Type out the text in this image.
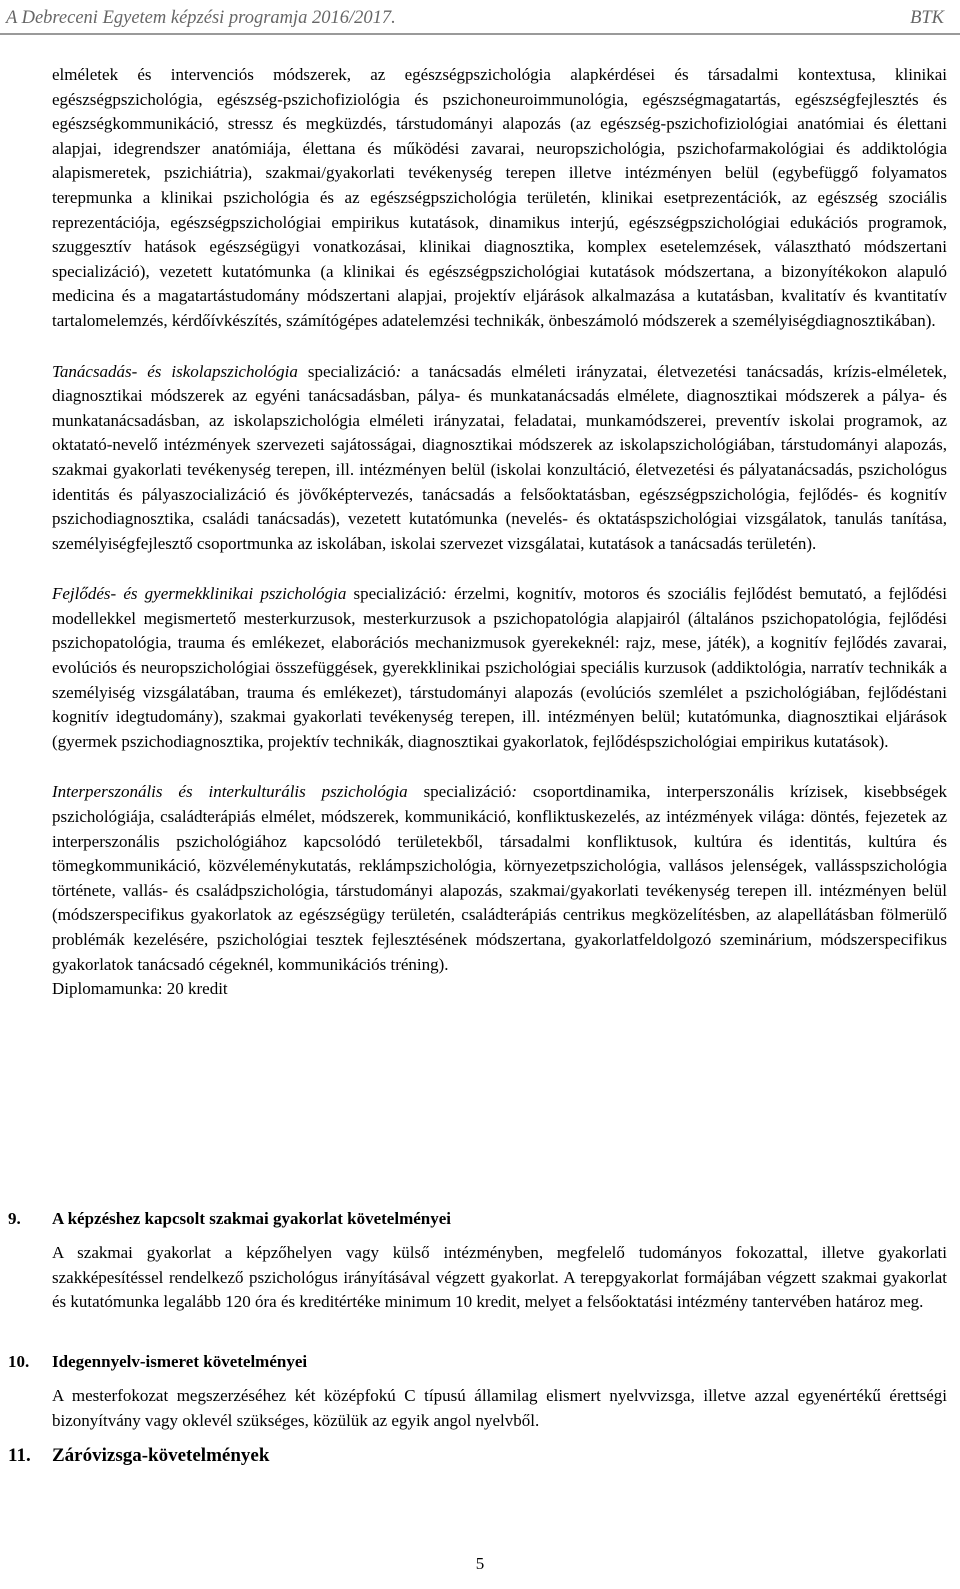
A Debreceni Egyetem képzési programja 2016/2017.	BTK

elméletek és intervenciós módszerek, az egészségpszichológia alapkérdései és társadalmi kontextusa, klinikai egészségpszichológia, egészség-pszichofiziológia és pszichoneuroimmunológia, egészségmagatartás, egészségfejlesztés és egészségkommunikáció, stressz és megküzdés, társtudományi alapozás (az egészség-pszichofiziológiai anatómiai és élettani alapjai, idegrendszer anatómiája, élettana és működési zavarai, neuropszichológia, pszichofarmakológiai és addiktológia alapismeretek, pszichiátria), szakmai/gyakorlati tevékenység terepen illetve intézményen belül (egybefüggő folyamatos terepmunka a klinikai pszichológia és az egészségpszichológia területén, klinikai esetprezentációk, az egészség szociális reprezentációja, egészségpszichológiai empirikus kutatások, dinamikus interjú, egészségpszichológiai edukációs programok, szuggesztív hatások egészségügyi vonatkozásai, klinikai diagnosztika, komplex esetelemzések, választható módszertani specializáció), vezetett kutatómunka (a klinikai és egészségpszichológiai kutatások módszertana, a bizonyítékokon alapuló medicina és a magatartástudomány módszertani alapjai, projektív eljárások alkalmazása a kutatásban, kvalitatív és kvantitatív tartalomelemzés, kérdőívkészítés, számítógépes adatelemzési technikák, önbeszámoló módszerek a személyiségdiagnosztikában).

Tanácsadás- és iskolapszichológia specializáció: a tanácsadás elméleti irányzatai, életvezetési tanácsadás, krízis-elméletek, diagnosztikai módszerek az egyéni tanácsadásban, pálya- és munkatanácsadás elmélete, diagnosztikai módszerek a pálya- és munkatanácsadásban, az iskolapszichológia elméleti irányzatai, feladatai, munkamódszerei, preventív iskolai programok, az oktatató-nevelő intézmények szervezeti sajátosságai, diagnosztikai módszerek az iskolapszichológiában, társtudományi alapozás, szakmai gyakorlati tevékenység terepen, ill. intézményen belül (iskolai konzultáció, életvezetési és pályatanácsadás, pszichológus identitás és pályaszocializáció és jövőképtervezés, tanácsadás a felsőoktatásban, egészségpszichológia, fejlődés- és kognitív pszichodiagnosztika, családi tanácsadás), vezetett kutatómunka (nevelés- és oktatáspszichológiai vizsgálatok, tanulás tanítása, személyiségfejlesztő csoportmunka az iskolában, iskolai szervezet vizsgálatai, kutatások a tanácsadás területén).

Fejlődés- és gyermekklinikai pszichológia specializáció: érzelmi, kognitív, motoros és szociális fejlődést bemutató, a fejlődési modellekkel megismertető mesterkurzusok, mesterkurzusok a pszichopatológia alapjairól (általános pszichopatológia, fejlődési pszichopatológia, trauma és emlékezet, elaborációs mechanizmusok gyerekeknél: rajz, mese, játék), a kognitív fejlődés zavarai, evolúciós és neuropszichológiai összefüggések, gyerekklinikai pszichológiai speciális kurzusok (addiktológia, narratív technikák a személyiség vizsgálatában, trauma és emlékezet), társtudományi alapozás (evolúciós szemlélet a pszichológiában, fejlődéstani kognitív idegtudomány), szakmai gyakorlati tevékenység terepen, ill. intézményen belül; kutatómunka, diagnosztikai eljárások (gyermek pszichodiagnosztika, projektív technikák, diagnosztikai gyakorlatok, fejlődéspszichológiai empirikus kutatások).

Interperszonális és interkulturális pszichológia specializáció: csoportdinamika, interperszonális krízisek, kisebbségek pszichológiája, családterápiás elmélet, módszerek, kommunikáció, konfliktuskezelés, az intézmények világa: döntés, fejezetek az interperszonális pszichológiához kapcsolódó területekből, társadalmi konfliktusok, kultúra és identitás, kultúra és tömegkommunikáció, közvéleménykutatás, reklámpszichológia, környezetpszichológia, vallásos jelenségek, vallásspszichológia története, vallás- és családpszichológia, társtudományi alapozás, szakmai/gyakorlati tevékenység terepen ill. intézményen belül (módszerspecifikus gyakorlatok az egészségügy területén, családterápiás centrikus megközelítésben, az alapellátásban fölmerülő problémák kezelésére, pszichológiai tesztek fejlesztésének módszertana, gyakorlatfeldolgozó szeminárium, módszerspecifikus gyakorlatok tanácsadó cégeknél, kommunikációs tréning).

Diplomamunka: 20 kredit

9. A képzéshez kapcsolt szakmai gyakorlat követelményei

A szakmai gyakorlat a képzőhelyen vagy külső intézményben, megfelelő tudományos fokozattal, illetve gyakorlati szakképesítéssel rendelkező pszichológus irányításával végzett gyakorlat. A terepgyakorlat formájában végzett szakmai gyakorlat és kutatómunka legalább 120 óra és kreditértéke minimum 10 kredit, melyet a felsőoktatási intézmény tantervében határoz meg.

10. Idegennyelv-ismeret követelményei

A mesterfokozat megszerzéséhez két középfokú C típusú államilag elismert nyelvvizsga, illetve azzal egyenértékű érettségi bizonyítvány vagy oklevél szükséges, közülük az egyik angol nyelvből.

11. Záróvizsga-követelmények
5
